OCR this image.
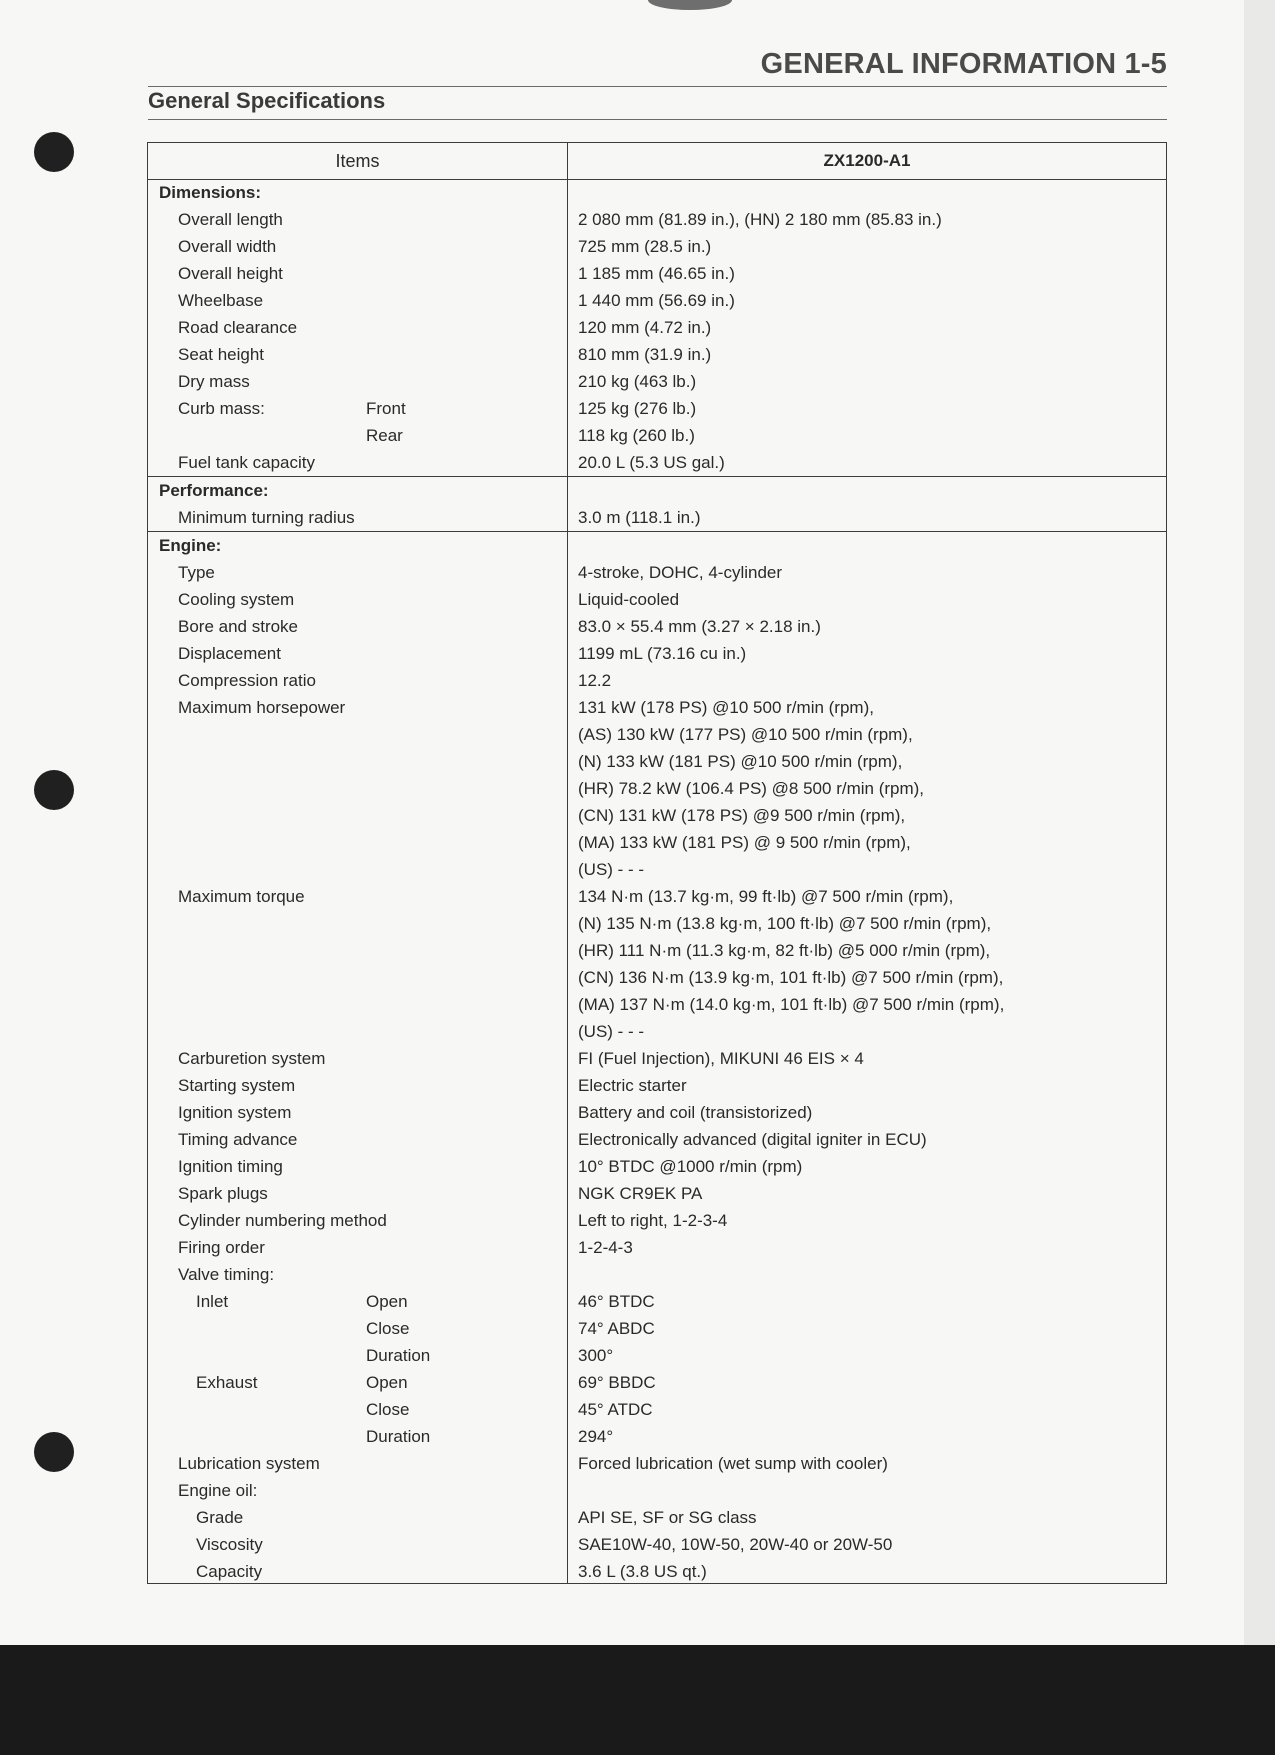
GENERAL INFORMATION 1-5
General Specifications
Items	ZX1200-A1
Dimensions:
Overall length	2 080 mm (81.89 in.), (HN) 2 180 mm (85.83 in.)
Overall width	725 mm (28.5 in.)
Overall height	1 185 mm (46.65 in.)
Wheelbase	1 440 mm (56.69 in.)
Road clearance	120 mm (4.72 in.)
Seat height	810 mm (31.9 in.)
Dry mass	210 kg (463 lb.)
Curb mass:	Front	125 kg (276 lb.)
Rear	118 kg (260 lb.)
Fuel tank capacity	20.0 L (5.3 US gal.)
Performance:
Minimum turning radius	3.0 m (118.1 in.)
Engine:
Type	4-stroke, DOHC, 4-cylinder
Cooling system	Liquid-cooled
Bore and stroke	83.0 × 55.4 mm (3.27 × 2.18 in.)
Displacement	1199 mL (73.16 cu in.)
Compression ratio	12.2
Maximum horsepower	131 kW (178 PS) @10 500 r/min (rpm),
(AS) 130 kW (177 PS) @10 500 r/min (rpm),
(N) 133 kW (181 PS) @10 500 r/min (rpm),
(HR) 78.2 kW (106.4 PS) @8 500 r/min (rpm),
(CN) 131 kW (178 PS) @9 500 r/min (rpm),
(MA) 133 kW (181 PS) @ 9 500 r/min (rpm),
(US) - - -
Maximum torque	134 N·m (13.7 kg·m, 99 ft·lb) @7 500 r/min (rpm),
(N) 135 N·m (13.8 kg·m, 100 ft·lb) @7 500 r/min (rpm),
(HR) 111 N·m (11.3 kg·m, 82 ft·lb) @5 000 r/min (rpm),
(CN) 136 N·m (13.9 kg·m, 101 ft·lb) @7 500 r/min (rpm),
(MA) 137 N·m (14.0 kg·m, 101 ft·lb) @7 500 r/min (rpm),
(US) - - -
Carburetion system	FI (Fuel Injection), MIKUNI 46 EIS × 4
Starting system	Electric starter
Ignition system	Battery and coil (transistorized)
Timing advance	Electronically advanced (digital igniter in ECU)
Ignition timing	10° BTDC @1000 r/min (rpm)
Spark plugs	NGK CR9EK PA
Cylinder numbering method	Left to right, 1-2-3-4
Firing order	1-2-4-3
Valve timing:
Inlet	Open	46° BTDC
Close	74° ABDC
Duration	300°
Exhaust	Open	69° BBDC
Close	45° ATDC
Duration	294°
Lubrication system	Forced lubrication (wet sump with cooler)
Engine oil:
Grade	API SE, SF or SG class
Viscosity	SAE10W-40, 10W-50, 20W-40 or 20W-50
Capacity	3.6 L (3.8 US qt.)
